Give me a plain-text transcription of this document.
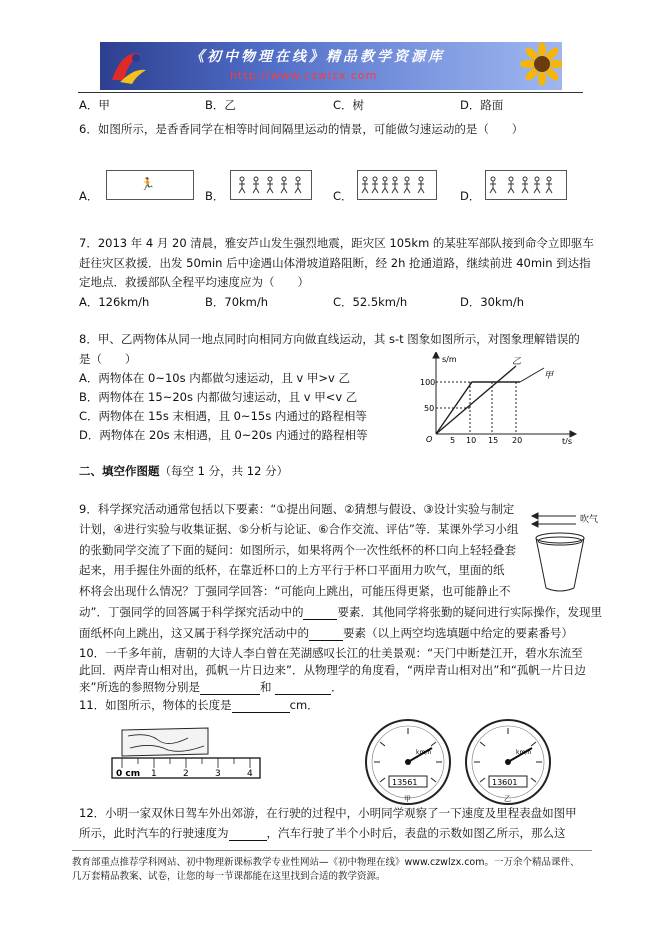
《初中物理在线》精品教学资源库
http://www.czwlzx.com
A．甲	B．乙	C．树	D．路面
6．如图所示，是香香同学在相等时间间隔里运动的情景，可能做匀速运动的是（　　）
A．
🏃
B．	C．	D．
7．2013 年 4 月 20 清晨，雅安芦山发生强烈地震，距灾区 105km 的某驻军部队接到命令立即驱车
赶往灾区救援．出发 50min 后中途遇山体滑坡道路阻断，经 2h 抢通道路，继续前进 40min 到达指
定地点．救援部队全程平均速度应为（　　）
A．126km/h	B．70km/h	C．52.5km/h	D．30km/h
8．甲、乙两物体从同一地点同时向相同方向做直线运动，其 s-t 图象如图所示，对图象理解错误的
是（　　）
A．两物体在 0~10s 内都做匀速运动，且 v 甲>v 乙
B．两物体在 15~20s 内都做匀速运动，且 v 甲<v 乙
C．两物体在 15s 末相遇，且 0~15s 内通过的路程相等
D．两物体在 20s 末相遇，且 0~20s 内通过的路程相等
s/m
t/s
O
100
50
5 10 15 20
乙
甲
二、填空作图题（每空 1 分，共 12 分）
9．科学探究活动通常包括以下要素：“①提出问题、②猜想与假设、③设计实验与制定
计划，④进行实验与收集证据、⑤分析与论证、⑥合作交流、评估”等．某课外学习小组
的张勤同学交流了下面的疑问：如图所示，如果将两个一次性纸杯的杯口向上轻轻叠套
起来，用手握住外面的纸杯，在靠近杯口的上方平行于杯口平面用力吹气，里面的纸
杯将会出现什么情况？丁强同学回答：“可能向上跳出，可能压得更紧，也可能静止不
动”．丁强同学的回答属于科学探究活动中的	要素．其他同学将张勤的疑问进行实际操作，发现里
面纸杯向上跳出，这又属于科学探究活动中的	要素（以上两空均选填题中给定的要素番号）
吹气
10．一千多年前，唐朝的大诗人李白曾在芜湖感叹长江的壮美景观：“天门中断楚江开，碧水东流至
此回．两岸青山相对出，孤帆一片日边来”．从物理学的角度看，“两岸青山相对出”和“孤帆一片日边
来”所选的参照物分别是	和	．
11．如图所示，物体的长度是	cm．
0 cm 1	2	3	4
13561
km/h
甲
13601
km/h
乙
12．小明一家双休日驾车外出郊游，在行驶的过程中，小明同学观察了一下速度及里程表盘如图甲
所示，此时汽车的行驶速度为	，汽车行驶了半个小时后，表盘的示数如图乙所示，那么这
教育部重点推荐学科网站、初中物理新课标教学专业性网站—《初中物理在线》www.czwlzx.com。一万余个精品课件、
几万套精品教案、试卷，让您的每一节课都能在这里找到合适的教学资源。
